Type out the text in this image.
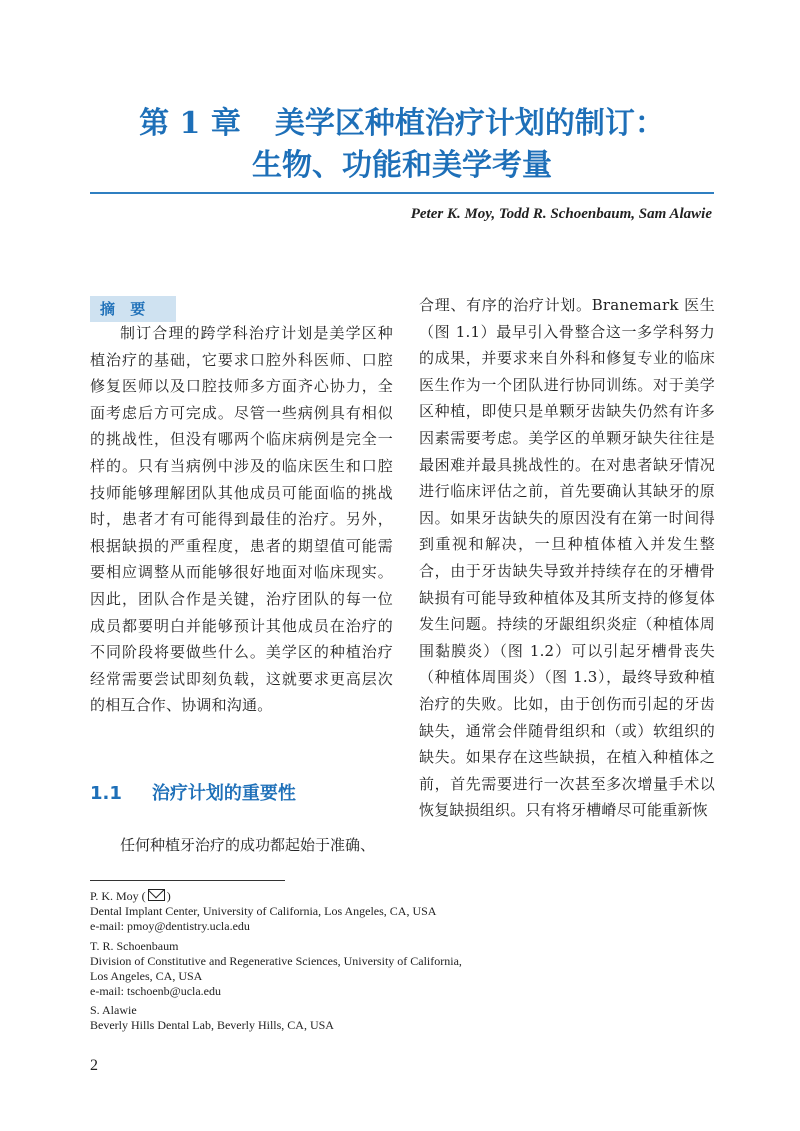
第 1 章 美学区种植治疗计划的制订：
生物、功能和美学考量
Peter K. Moy, Todd R. Schoenbaum, Sam Alawie
摘 要
制订合理的跨学科治疗计划是美学区种植治疗的基础，它要求口腔外科医师、口腔修复医师以及口腔技师多方面齐心协力，全面考虑后方可完成。尽管一些病例具有相似的挑战性，但没有哪两个临床病例是完全一样的。只有当病例中涉及的临床医生和口腔技师能够理解团队其他成员可能面临的挑战时，患者才有可能得到最佳的治疗。另外，根据缺损的严重程度，患者的期望值可能需要相应调整从而能够很好地面对临床现实。因此，团队合作是关键，治疗团队的每一位成员都要明白并能够预计其他成员在治疗的不同阶段将要做些什么。美学区的种植治疗经常需要尝试即刻负载，这就要求更高层次的相互合作、协调和沟通。
1.1 治疗计划的重要性
任何种植牙治疗的成功都起始于准确、
合理、有序的治疗计划。Branemark 医生（图 1.1）最早引入骨整合这一多学科努力的成果，并要求来自外科和修复专业的临床医生作为一个团队进行协同训练。对于美学区种植，即使只是单颗牙齿缺失仍然有许多因素需要考虑。美学区的单颗牙缺失往往是最困难并最具挑战性的。在对患者缺牙情况进行临床评估之前，首先要确认其缺牙的原因。如果牙齿缺失的原因没有在第一时间得到重视和解决，一旦种植体植入并发生整合，由于牙齿缺失导致并持续存在的牙槽骨缺损有可能导致种植体及其所支持的修复体发生问题。持续的牙龈组织炎症（种植体周围黏膜炎）（图 1.2）可以引起牙槽骨丧失（种植体周围炎）（图 1.3），最终导致种植治疗的失败。比如，由于创伤而引起的牙齿缺失，通常会伴随骨组织和（或）软组织的缺失。如果存在这些缺损，在植入种植体之前，首先需要进行一次甚至多次增量手术以恢复缺损组织。只有将牙槽嵴尽可能重新恢
P. K. Moy ( )
Dental Implant Center, University of California, Los Angeles, CA, USA
e-mail: pmoy@dentistry.ucla.edu
T. R. Schoenbaum
Division of Constitutive and Regenerative Sciences, University of California,
Los Angeles, CA, USA
e-mail: tschoenb@ucla.edu
S. Alawie
Beverly Hills Dental Lab, Beverly Hills, CA, USA
2
